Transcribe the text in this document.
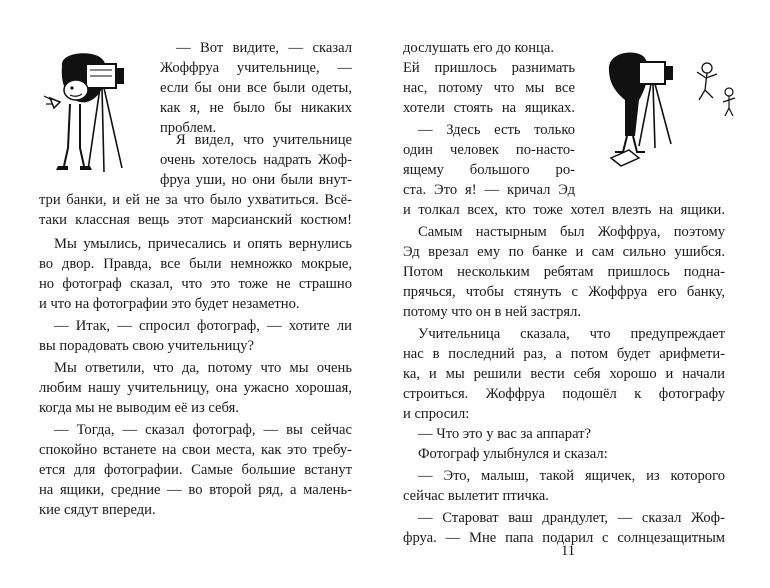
— Вот видите, — сказал
Жоффруа учительнице, —
если бы они все были одеты,
как я, не было бы никаких
проблем.
Я видел, что учительнице
очень хотелось надрать Жоф-
фруа уши, но они были внут-
три банки, и ей не за что было ухватиться. Всё-
таки классная вещь этот марсианский костюм!
Мы умылись, причесались и опять вернулись
во двор. Правда, все были немножко мокрые,
но фотограф сказал, что это тоже не страшно
и что на фотографии это будет незаметно.
— Итак, — спросил фотограф, — хотите ли
вы порадовать свою учительницу?
Мы ответили, что да, потому что мы очень
любим нашу учительницу, она ужасно хорошая,
когда мы не выводим её из себя.
— Тогда, — сказал фотограф, — вы сейчас
спокойно встанете на свои места, как это требу-
ется для фотографии. Самые большие встанут
на ящики, средние — во второй ряд, а малень-
кие сядут впереди.
дослушать его до конца.
Ей пришлось разнимать
нас, потому что мы все
хотели стоять на ящиках.
— Здесь есть только
один человек по-насто-
ящему большого ро-
ста. Это я! — кричал Эд
и толкал всех, кто тоже хотел влезть на ящики.
Самым настырным был Жоффруа, поэтому
Эд врезал ему по банке и сам сильно ушибся.
Потом нескольким ребятам пришлось подна-
прячься, чтобы стянуть с Жоффруа его банку,
потому что он в ней застрял.
Учительница сказала, что предупреждает
нас в последний раз, а потом будет арифмети-
ка, и мы решили вести себя хорошо и начали
строиться. Жоффруа подошёл к фотографу
и спросил:
— Что это у вас за аппарат?
Фотограф улыбнулся и сказал:
— Это, малыш, такой ящичек, из которого
сейчас вылетит птичка.
— Староват ваш драндулет, — сказал Жоф-
фруа. — Мне папа подарил с солнцезащитным
11
